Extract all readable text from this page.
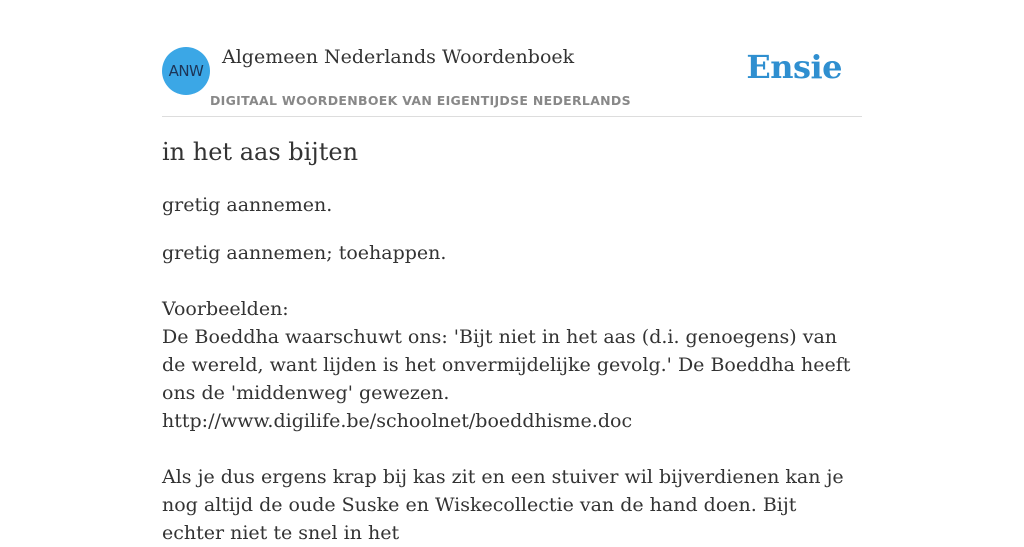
ANW
Algemeen Nederlands Woordenboek
DIGITAAL WOORDENBOEK VAN EIGENTIJDSE NEDERLANDS
Ensie
in het aas bijten
gretig aannemen.

gretig aannemen; toehappen.

Voorbeelden:

De Boeddha waarschuwt ons: 'Bijt niet in het aas (d.i. genoegens) van de wereld, want lijden is het onvermijdelijke gevolg.' De Boeddha heeft ons de 'middenweg' gewezen.

http://www.digilife.be/schoolnet/boeddhisme.doc

Als je dus ergens krap bij kas zit en een stuiver wil bijverdienen kan je nog altijd de oude Suske en Wiskecollectie van de hand doen. Bijt echter niet te snel in het
